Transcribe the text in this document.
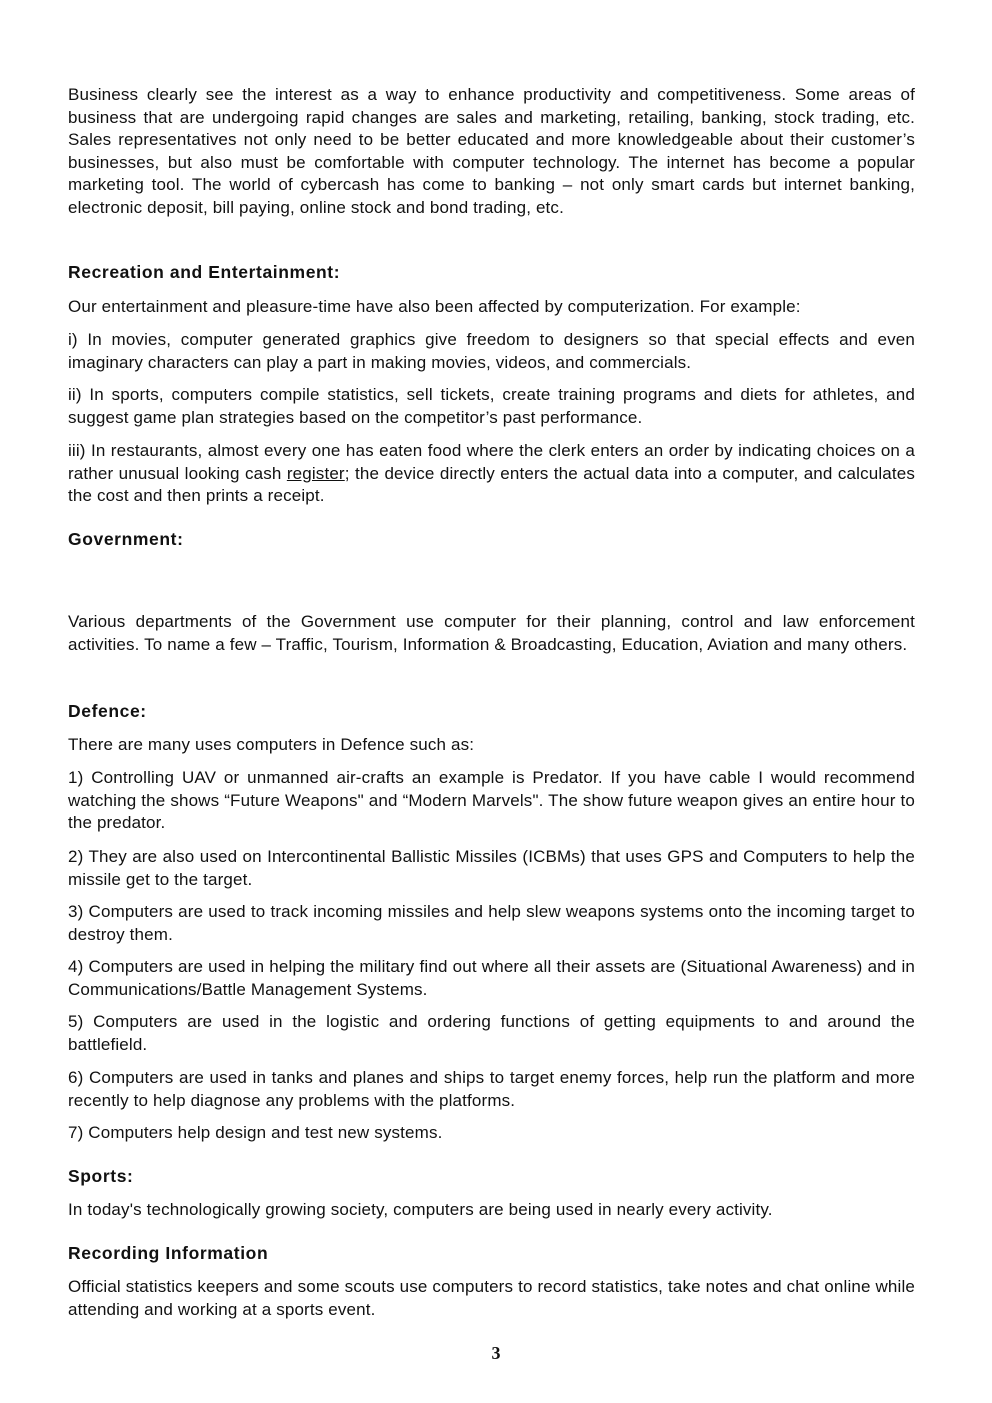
Business clearly see the interest as a way to enhance productivity and competitiveness. Some areas of business that are undergoing rapid changes are sales and marketing, retailing, banking, stock trading, etc. Sales representatives not only need to be better educated and more knowledgeable about their customer’s businesses, but also must be comfortable with computer technology. The internet has become a popular marketing tool. The world of cybercash has come to banking – not only smart cards but internet banking, electronic deposit, bill paying, online stock and bond trading, etc.

Recreation and Entertainment:

Our entertainment and pleasure-time have also been affected by computerization. For example:

i) In movies, computer generated graphics give freedom to designers so that special effects and even imaginary characters can play a part in making movies, videos, and commercials.

ii) In sports, computers compile statistics, sell tickets, create training programs and diets for athletes, and suggest game plan strategies based on the competitor’s past performance.

iii) In restaurants, almost every one has eaten food where the clerk enters an order by indicating choices on a rather unusual looking cash register; the device directly enters the actual data into a computer, and calculates the cost and then prints a receipt.

Government:

Various departments of the Government use computer for their planning, control and law enforcement activities. To name a few – Traffic, Tourism, Information & Broadcasting, Education, Aviation and many others.

Defence:

There are many uses computers in Defence such as:

1) Controlling UAV or unmanned air-crafts an example is Predator. If you have cable I would recommend watching the shows “Future Weapons" and “Modern Marvels". The show future weapon gives an entire hour to the predator.

2) They are also used on Intercontinental Ballistic Missiles (ICBMs) that uses GPS and Computers to help the missile get to the target.

3) Computers are used to track incoming missiles and help slew weapons systems onto the incoming target to destroy them.

4) Computers are used in helping the military find out where all their assets are (Situational Awareness) and in Communications/Battle Management Systems.

5) Computers are used in the logistic and ordering functions of getting equipments to and around the battlefield.

6) Computers are used in tanks and planes and ships to target enemy forces, help run the platform and more recently to help diagnose any problems with the platforms.

7) Computers help design and test new systems.

Sports:

In today's technologically growing society, computers are being used in nearly every activity.

Recording Information

Official statistics keepers and some scouts use computers to record statistics, take notes and chat online while attending and working at a sports event.

3
